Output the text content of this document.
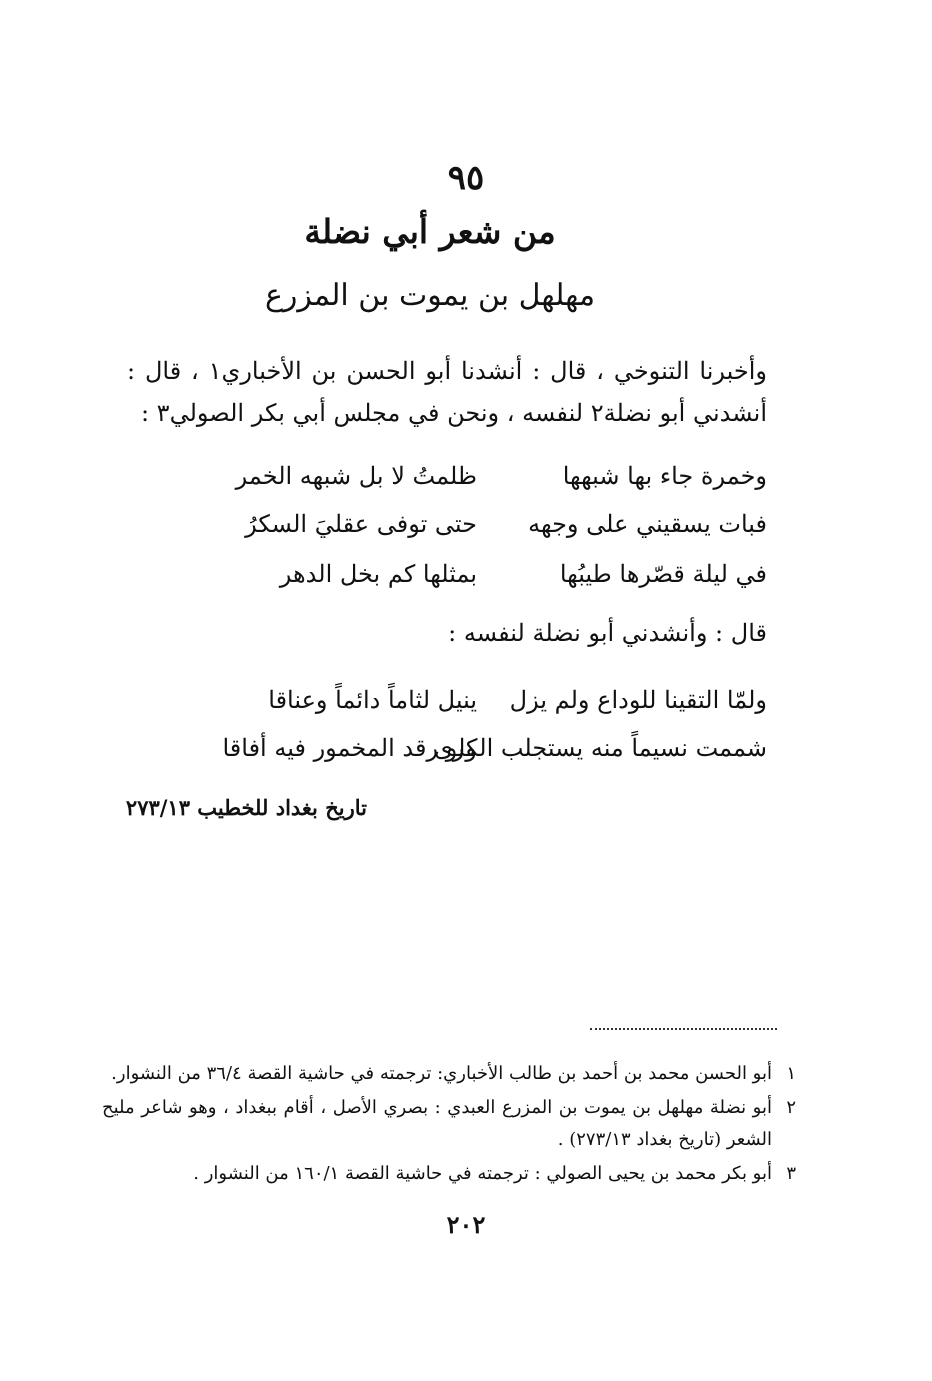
٩٥
من شعر أبي نضلة
مهلهل بن يموت بن المزرع
وأخبرنا التنوخي ، قال : أنشدنا أبو الحسن بن الأخباري١ ، قال : أنشدني أبو نضلة٢ لنفسه ، ونحن في مجلس أبي بكر الصولي٣ :
وخمرة جاء بها شبهها
ظلمتُ لا بل شبهه الخمر
فبات يسقيني على وجهه
حتى توفى عقليَ السكرُ
في ليلة قصّرها طيبُها
بمثلها كم بخل الدهر
قال : وأنشدني أبو نضلة لنفسه :
ولمّا التقينا للوداع ولم يزل
ينيل لثاماً دائماً وعناقا
شممت نسيماً منه يستجلب الكرى
ولو رقد المخمور فيه أفاقا
تاريخ بغداد للخطيب ٢٧٣/١٣
١
أبو الحسن محمد بن أحمد بن طالب الأخباري: ترجمته في حاشية القصة ٣٦/٤ من النشوار.
٢
أبو نضلة مهلهل بن يموت بن المزرع العبدي : بصري الأصل ، أقام ببغداد ، وهو شاعر مليح الشعر (تاريخ بغداد ٢٧٣/١٣) .
٣
أبو بكر محمد بن يحيى الصولي : ترجمته في حاشية القصة ١٦٠/١ من النشوار .
٢٠٢
